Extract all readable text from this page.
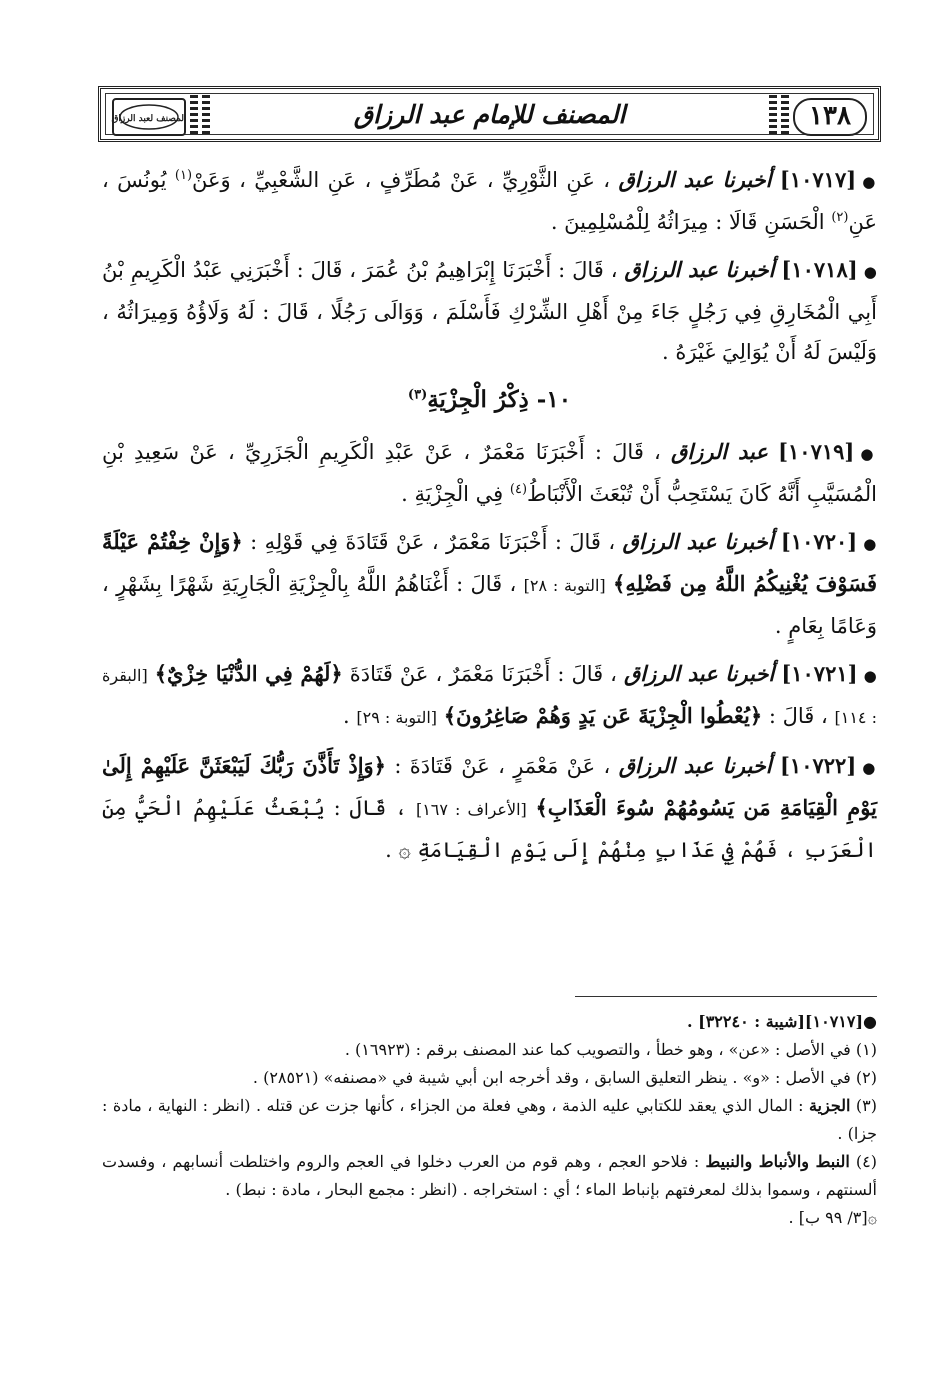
١٣٨
المصنف للإمام عبد الرزاق
المصنف لعبد الرزاق

●[١٠٧١٧] أخبرنا عبد الرزاق ، عَنِ الثَّوْرِيِّ ، عَنْ مُطَرِّفٍ ، عَنِ الشَّعْبِيِّ ، وَعَنْ$^{(١)}$ يُونُسَ ، عَنِ$^{(٢)}$ الْحَسَنِ قَالَا : مِيرَاثُهُ لِلْمُسْلِمِينَ .

●[١٠٧١٨] أخبرنا عبد الرزاق ، قَالَ : أَخْبَرَنَا إِبْرَاهِيمُ بْنُ عُمَرَ ، قَالَ : أَخْبَرَنِي عَبْدُ الْكَرِيمِ بْنُ أَبِي الْمُخَارِقِ فِي رَجُلٍ جَاءَ مِنْ أَهْلِ الشِّرْكِ فَأَسْلَمَ ، وَوَالَى رَجُلًا ، قَالَ : لَهُ وَلَاؤُهُ وَمِيرَاثُهُ ، وَلَيْسَ لَهُ أَنْ يُوَالِيَ غَيْرَهُ .

١٠- ذِكْرُ الْجِزْيَةِ$^{(٣)}$

●[١٠٧١٩] عبد الرزاق ، قَالَ : أَخْبَرَنَا مَعْمَرٌ ، عَنْ عَبْدِ الْكَرِيمِ الْجَزَرِيِّ ، عَنْ سَعِيدِ بْنِ الْمُسَيَّبِ أَنَّهُ كَانَ يَسْتَحِبُّ أَنْ تُبْعَثَ الْأَنْبَاطُ$^{(٤)}$ فِي الْجِزْيَةِ .

●[١٠٧٢٠] أخبرنا عبد الرزاق ، قَالَ : أَخْبَرَنَا مَعْمَرٌ ، عَنْ قَتَادَةَ فِي قَوْلِهِ : ﴿وَإِنْ خِفْتُمْ عَيْلَةً فَسَوْفَ يُغْنِيكُمُ اللَّهُ مِن فَضْلِهِ﴾ [التوبة : ٢٨] ، قَالَ : أَغْنَاهُمُ اللَّهُ بِالْجِزْيَةِ الْجَارِيَةِ شَهْرًا بِشَهْرٍ ، وَعَامًا بِعَامٍ .

●[١٠٧٢١] أخبرنا عبد الرزاق ، قَالَ : أَخْبَرَنَا مَعْمَرٌ ، عَنْ قَتَادَةَ ﴿لَهُمْ فِي الدُّنْيَا خِزْيٌ﴾ [البقرة : ١١٤] ، قَالَ : ﴿يُعْطُوا الْجِزْيَةَ عَن يَدٍ وَهُمْ صَاغِرُونَ﴾ [التوبة : ٢٩] .

●[١٠٧٢٢] أخبرنا عبد الرزاق ، عَنْ مَعْمَرٍ ، عَنْ قَتَادَةَ : ﴿وَإِذْ تَأَذَّنَ رَبُّكَ لَيَبْعَثَنَّ عَلَيْهِمْ إِلَىٰ يَوْمِ الْقِيَامَةِ مَن يَسُومُهُمْ سُوءَ الْعَذَابِ﴾ [الأعراف : ١٦٧] ، قَالَ : يُبْعَثُ عَلَيْهِمُ الْحَيُّ مِنَ الْعَرَبِ ، فَهُمْ فِي عَذَابٍ مِنْهُمْ إِلَى يَوْمِ الْقِيَامَةِ ۞ .

●[١٠٧١٧][شيبة : ٣٢٢٤٠] .

(١) في الأصل : «عن» ، وهو خطأ ، والتصويب كما عند المصنف برقم : (١٦٩٢٣) .

(٢) في الأصل : «و» . ينظر التعليق السابق ، وقد أخرجه ابن أبي شيبة في «مصنفه» (٢٨٥٢١) .

(٣) الجزية : المال الذي يعقد للكتابي عليه الذمة ، وهي فعلة من الجزاء ، كأنها جزت عن قتله . (انظر : النهاية ، مادة : جزا) .

(٤) النبط والأنباط والنبيط : فلاحو العجم ، وهم قوم من العرب دخلوا في العجم والروم واختلطت أنسابهم ، وفسدت ألسنتهم ، وسموا بذلك لمعرفتهم بإنباط الماء ؛ أي : استخراجه . (انظر : مجمع البحار ، مادة : نبط) .

۞[٣/ ٩٩ ب] .
